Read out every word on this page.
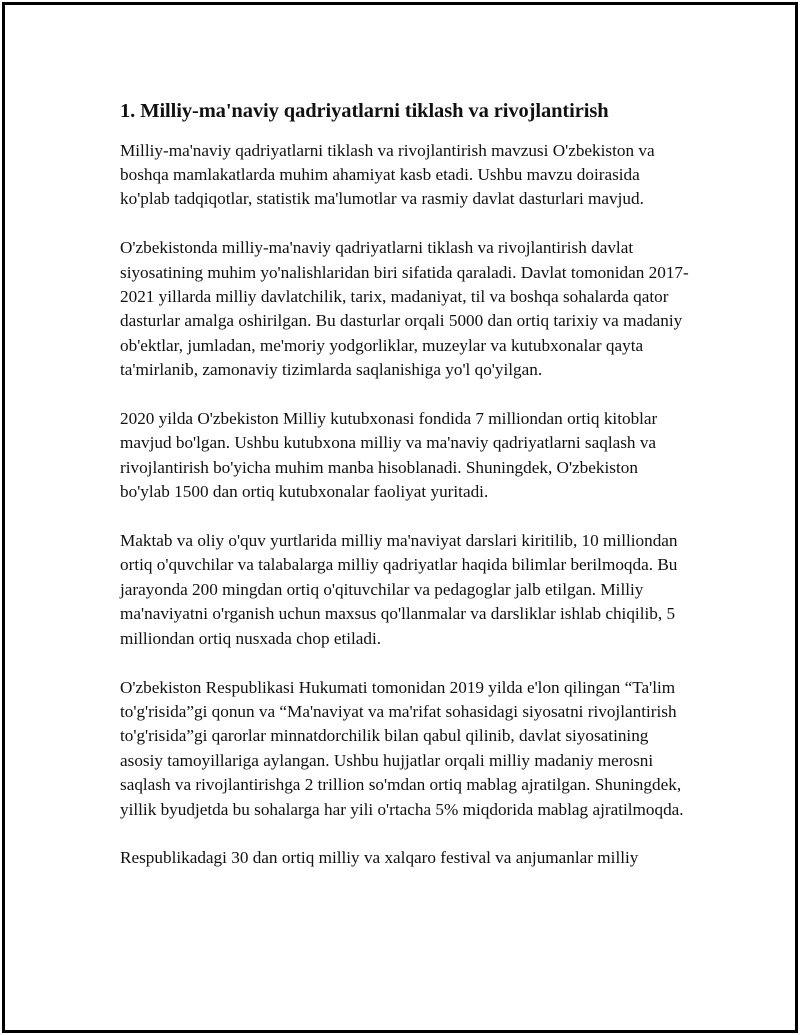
1. Milliy-ma'naviy qadriyatlarni tiklash va rivojlantirish

Milliy-ma'naviy qadriyatlarni tiklash va rivojlantirish mavzusi O'zbekiston va boshqa mamlakatlarda muhim ahamiyat kasb etadi. Ushbu mavzu doirasida ko'plab tadqiqotlar, statistik ma'lumotlar va rasmiy davlat dasturlari mavjud.

O'zbekistonda milliy-ma'naviy qadriyatlarni tiklash va rivojlantirish davlat siyosatining muhim yo'nalishlaridan biri sifatida qaraladi. Davlat tomonidan 2017-2021 yillarda milliy davlatchilik, tarix, madaniyat, til va boshqa sohalarda qator dasturlar amalga oshirilgan. Bu dasturlar orqali 5000 dan ortiq tarixiy va madaniy ob'ektlar, jumladan, me'moriy yodgorliklar, muzeylar va kutubxonalar qayta ta'mirlanib, zamonaviy tizimlarda saqlanishiga yo'l qo'yilgan.

2020 yilda O'zbekiston Milliy kutubxonasi fondida 7 milliondan ortiq kitoblar mavjud bo'lgan. Ushbu kutubxona milliy va ma'naviy qadriyatlarni saqlash va rivojlantirish bo'yicha muhim manba hisoblanadi. Shuningdek, O'zbekiston bo'ylab 1500 dan ortiq kutubxonalar faoliyat yuritadi.

Maktab va oliy o'quv yurtlarida milliy ma'naviyat darslari kiritilib, 10 milliondan ortiq o'quvchilar va talabalarga milliy qadriyatlar haqida bilimlar berilmoqda. Bu jarayonda 200 mingdan ortiq o'qituvchilar va pedagoglar jalb etilgan. Milliy ma'naviyatni o'rganish uchun maxsus qo'llanmalar va darsliklar ishlab chiqilib, 5 milliondan ortiq nusxada chop etiladi.

O'zbekiston Respublikasi Hukumati tomonidan 2019 yilda e'lon qilingan “Ta'lim to'g'risida”gi qonun va “Ma'naviyat va ma'rifat sohasidagi siyosatni rivojlantirish to'g'risida”gi qarorlar minnatdorchilik bilan qabul qilinib, davlat siyosatining asosiy tamoyillariga aylangan. Ushbu hujjatlar orqali milliy madaniy merosni saqlash va rivojlantirishga 2 trillion so'mdan ortiq mablag ajratilgan. Shuningdek, yillik byudjetda bu sohalarga har yili o'rtacha 5% miqdorida mablag ajratilmoqda.

Respublikadagi 30 dan ortiq milliy va xalqaro festival va anjumanlar milliy
